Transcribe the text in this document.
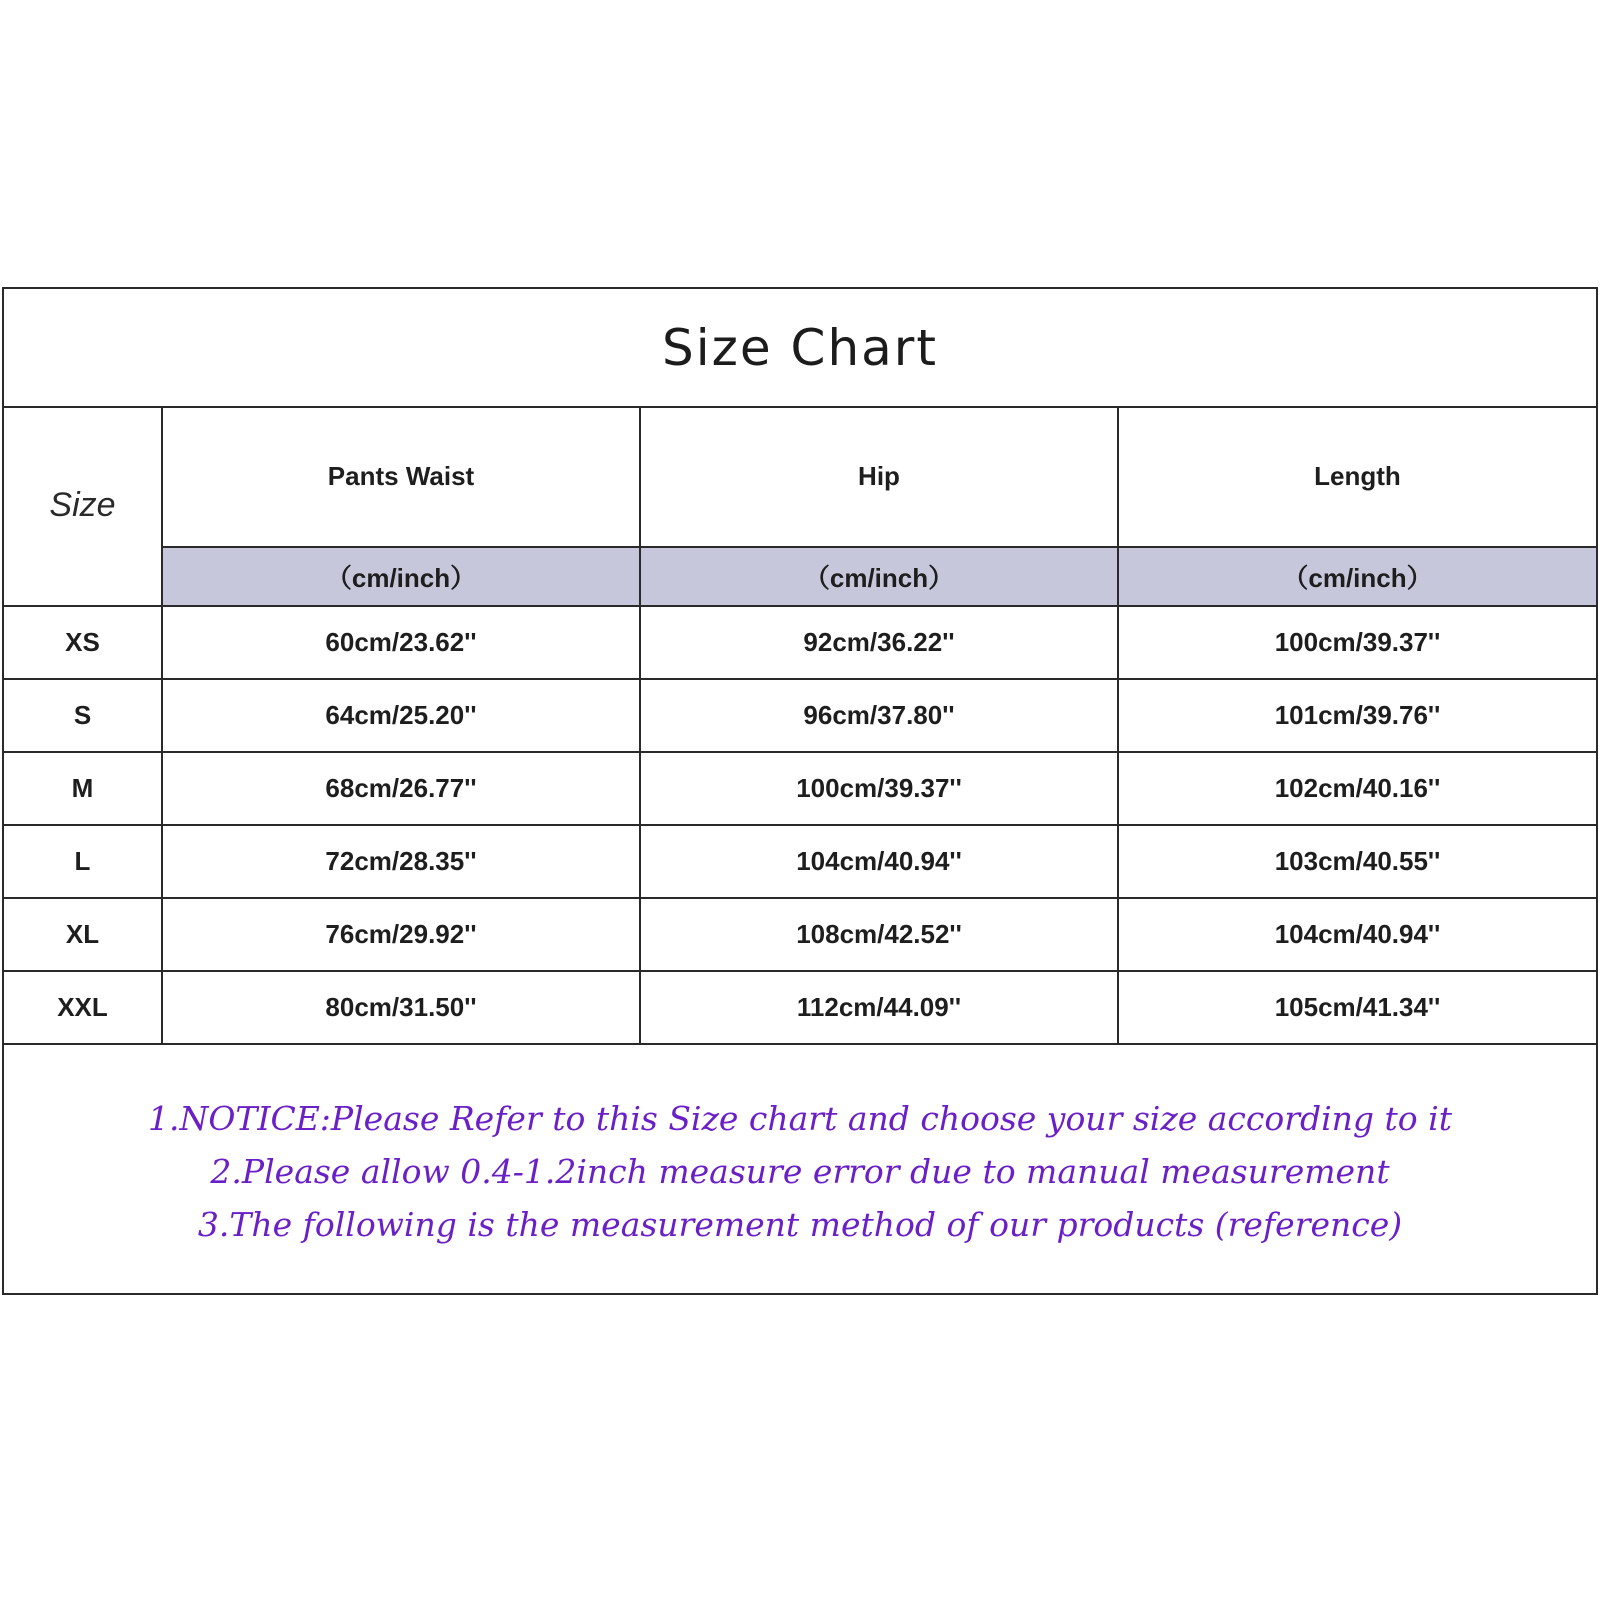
Size Chart
Size	Pants Waist	Hip	Length
	（cm/inch）	（cm/inch）	（cm/inch）
XS	60cm/23.62''	92cm/36.22''	100cm/39.37''
S	64cm/25.20''	96cm/37.80''	101cm/39.76''
M	68cm/26.77''	100cm/39.37''	102cm/40.16''
L	72cm/28.35''	104cm/40.94''	103cm/40.55''
XL	76cm/29.92''	108cm/42.52''	104cm/40.94''
XXL	80cm/31.50''	112cm/44.09''	105cm/41.34''
1.NOTICE:Please Refer to this Size chart and choose your size according to it
2.Please allow 0.4-1.2inch measure error due to manual measurement
3.The following is the measurement method of our products (reference)
